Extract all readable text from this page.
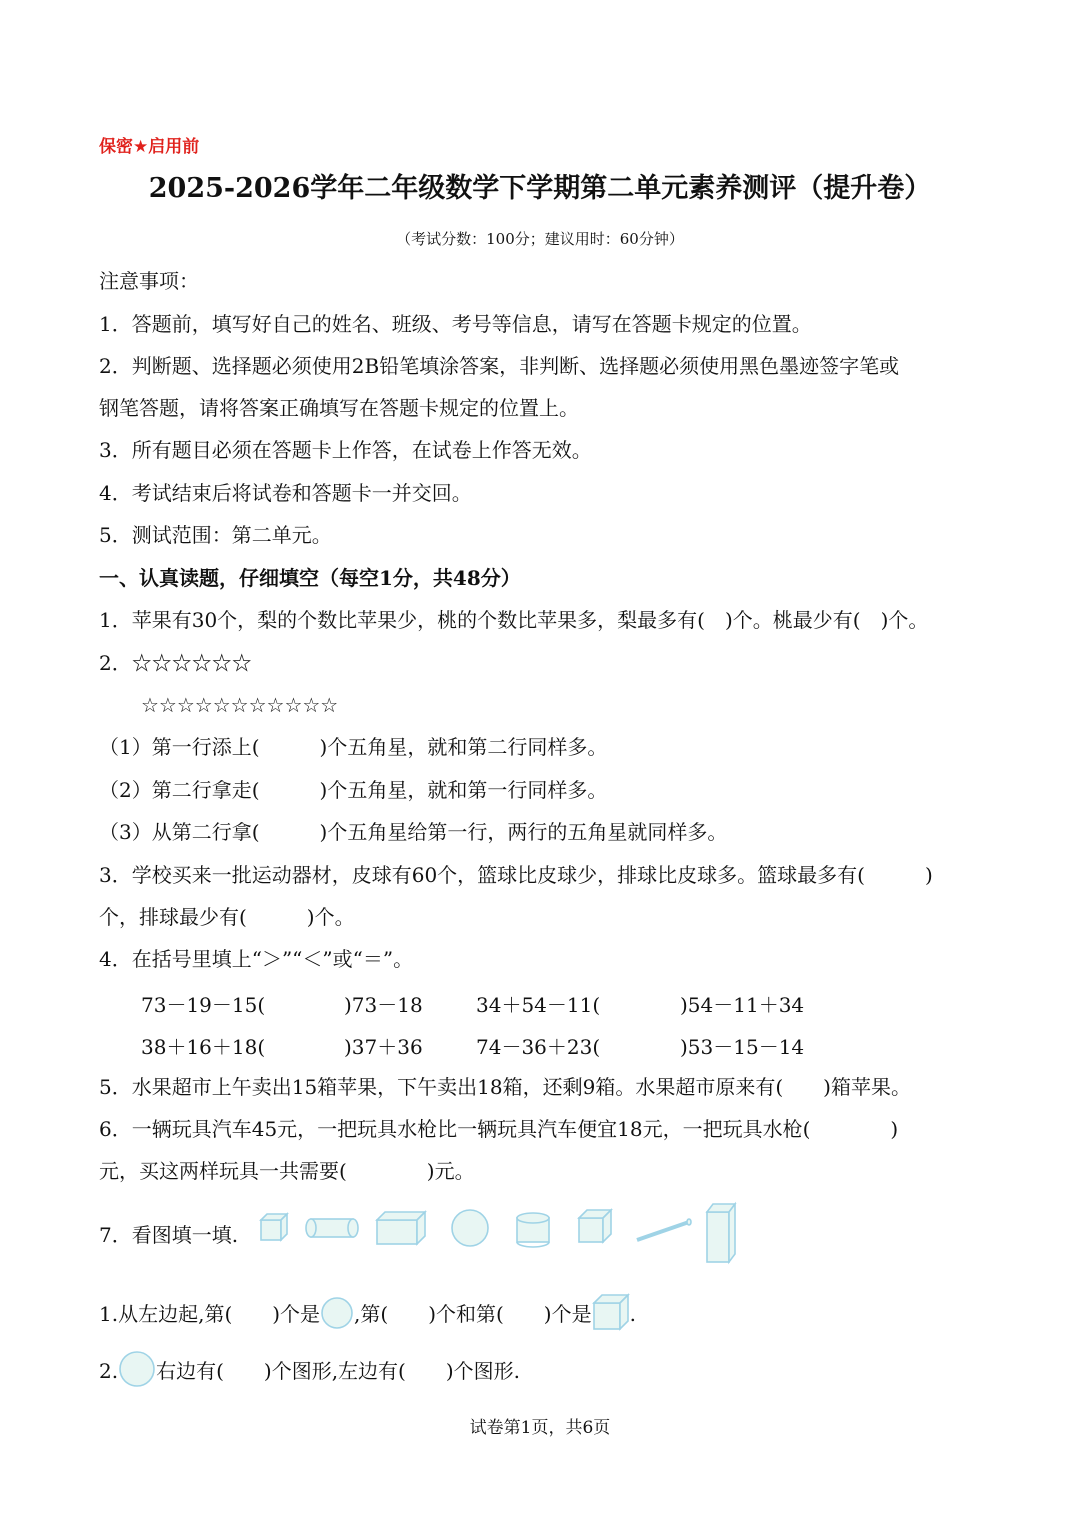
保密★启用前
2025-2026学年二年级数学下学期第二单元素养测评（提升卷）
（考试分数：100分；建议用时：60分钟）
注意事项：
1．答题前，填写好自己的姓名、班级、考号等信息，请写在答题卡规定的位置。
2．判断题、选择题必须使用2B铅笔填涂答案，非判断、选择题必须使用黑色墨迹签字笔或
钢笔答题，请将答案正确填写在答题卡规定的位置上。
3．所有题目必须在答题卡上作答，在试卷上作答无效。
4．考试结束后将试卷和答题卡一并交回。
5．测试范围：第二单元。
一、认真读题，仔细填空（每空1分，共48分）
1．苹果有30个，梨的个数比苹果少，桃的个数比苹果多，梨最多有(　)个。桃最少有(　)个。
2．☆☆☆☆☆☆
☆☆☆☆☆☆☆☆☆☆☆
（1）第一行添上(　　　)个五角星，就和第二行同样多。
（2）第二行拿走(　　　)个五角星，就和第一行同样多。
（3）从第二行拿(　　　)个五角星给第一行，两行的五角星就同样多。
3．学校买来一批运动器材，皮球有60个，篮球比皮球少，排球比皮球多。篮球最多有(　　　)
个，排球最少有(　　　)个。
4．在括号里填上“＞”“＜”或“＝”。
73－19－15(	)73－18	34＋54－11(	)54－11＋34
38＋16＋18(	)37＋36	74－36＋23(	)53－15－14
5．水果超市上午卖出15箱苹果，下午卖出18箱，还剩9箱。水果超市原来有(　　)箱苹果。
6．一辆玩具汽车45元，一把玩具水枪比一辆玩具汽车便宜18元，一把玩具水枪(　　　　)
元，买这两样玩具一共需要(　　　　)元。
7．看图填一填.
1.从左边起,第(　　)个是 ,第(　　)个和第(　　)个是 .
2. 右边有(　　)个图形,左边有(　　)个图形.
试卷第1页，共6页
